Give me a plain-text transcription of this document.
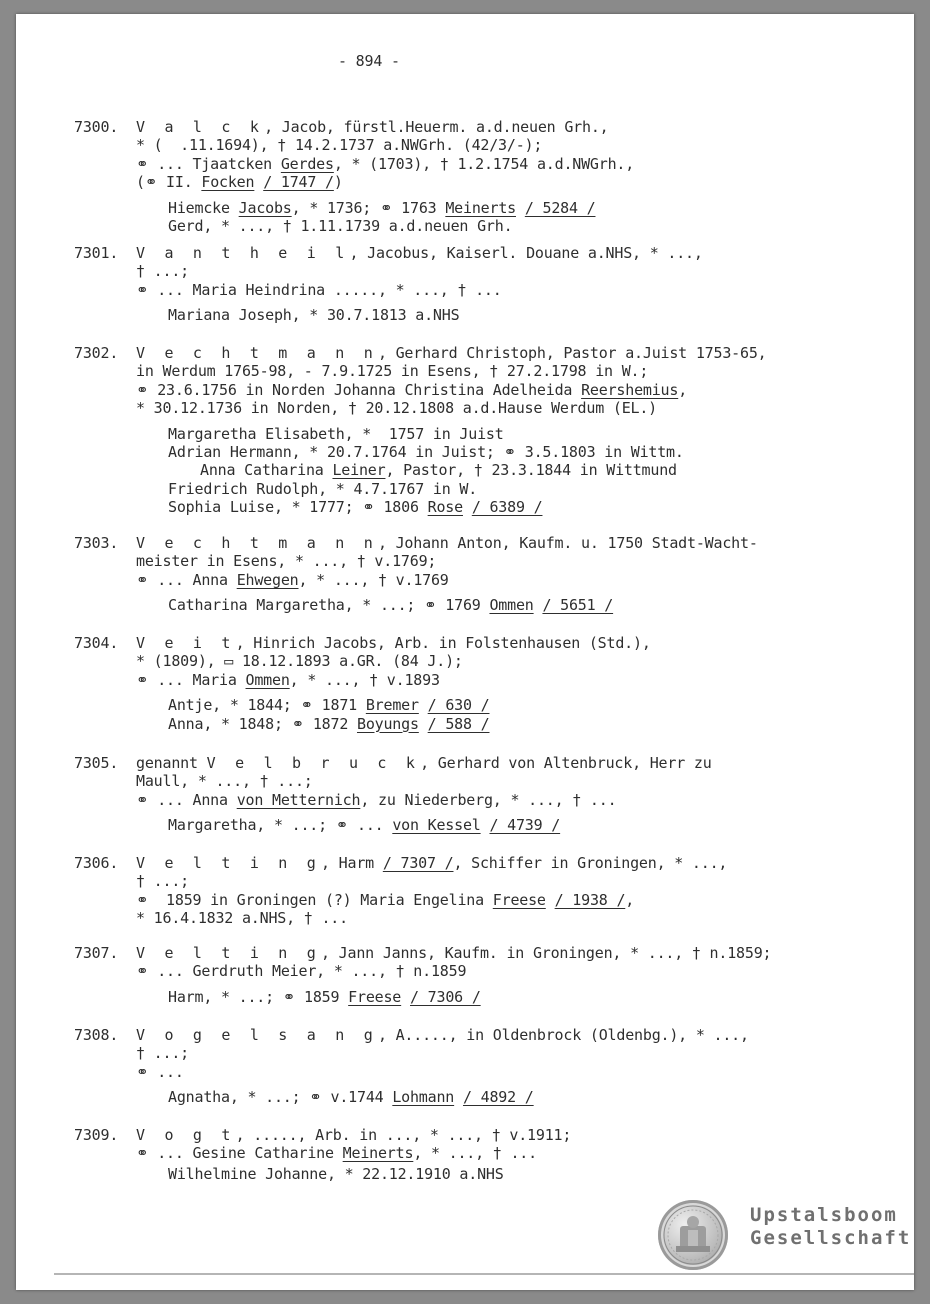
- 894 -
7300.	V a l c k, Jacob, fürstl.Heuerm. a.d.neuen Grh.,
* (  .11.1694), † 14.2.1737 a.NWGrh. (42/3/-);
⚭ ... Tjaatcken Gerdes, * (1703), † 1.2.1754 a.d.NWGrh.,
(⚭ II. Focken / 1747 /)
Hiemcke Jacobs, * 1736; ⚭ 1763 Meinerts / 5284 /
Gerd, * ..., † 1.11.1739 a.d.neuen Grh.
7301.	V a n t h e i l, Jacobus, Kaiserl. Douane a.NHS, * ...,
† ...;
⚭ ... Maria Heindrina ....., * ..., † ...
Mariana Joseph, * 30.7.1813 a.NHS
7302.	V e c h t m a n n, Gerhard Christoph, Pastor a.Juist 1753-65,
in Werdum 1765-98, - 7.9.1725 in Esens, † 27.2.1798 in W.;
⚭ 23.6.1756 in Norden Johanna Christina Adelheida Reershemius,
* 30.12.1736 in Norden, † 20.12.1808 a.d.Hause Werdum (EL.)
Margaretha Elisabeth, *  1757 in Juist
Adrian Hermann, * 20.7.1764 in Juist; ⚭ 3.5.1803 in Wittm.
Anna Catharina Leiner, Pastor, † 23.3.1844 in Wittmund
Friedrich Rudolph, * 4.7.1767 in W.
Sophia Luise, * 1777; ⚭ 1806 Rose / 6389 /
7303.	V e c h t m a n n, Johann Anton, Kaufm. u. 1750 Stadt-Wacht-
meister in Esens, * ..., † v.1769;
⚭ ... Anna Ehwegen, * ..., † v.1769
Catharina Margaretha, * ...; ⚭ 1769 Ommen / 5651 /
7304.	V e i t, Hinrich Jacobs, Arb. in Folstenhausen (Std.),
* (1809), ▭ 18.12.1893 a.GR. (84 J.);
⚭ ... Maria Ommen, * ..., † v.1893
Antje, * 1844; ⚭ 1871 Bremer / 630 /
Anna, * 1848; ⚭ 1872 Boyungs / 588 /
7305.	genannt V e l b r u c k, Gerhard von Altenbruck, Herr zu
Maull, * ..., † ...;
⚭ ... Anna von Metternich, zu Niederberg, * ..., † ...
Margaretha, * ...; ⚭ ... von Kessel / 4739 /
7306.	V e l t i n g, Harm / 7307 /, Schiffer in Groningen, * ...,
† ...;
⚭  1859 in Groningen (?) Maria Engelina Freese / 1938 /,
* 16.4.1832 a.NHS, † ...
7307.	V e l t i n g, Jann Janns, Kaufm. in Groningen, * ..., † n.1859;
⚭ ... Gerdruth Meier, * ..., † n.1859
Harm, * ...; ⚭ 1859 Freese / 7306 /
7308.	V o g e l s a n g, A....., in Oldenbrock (Oldenbg.), * ...,
† ...;
⚭ ...
Agnatha, * ...; ⚭ v.1744 Lohmann / 4892 /
7309.	V o g t, ....., Arb. in ..., * ..., † v.1911;
⚭ ... Gesine Catharine Meinerts, * ..., † ...
Wilhelmine Johanne, * 22.12.1910 a.NHS
Upstalsboom
Gesellschaft
